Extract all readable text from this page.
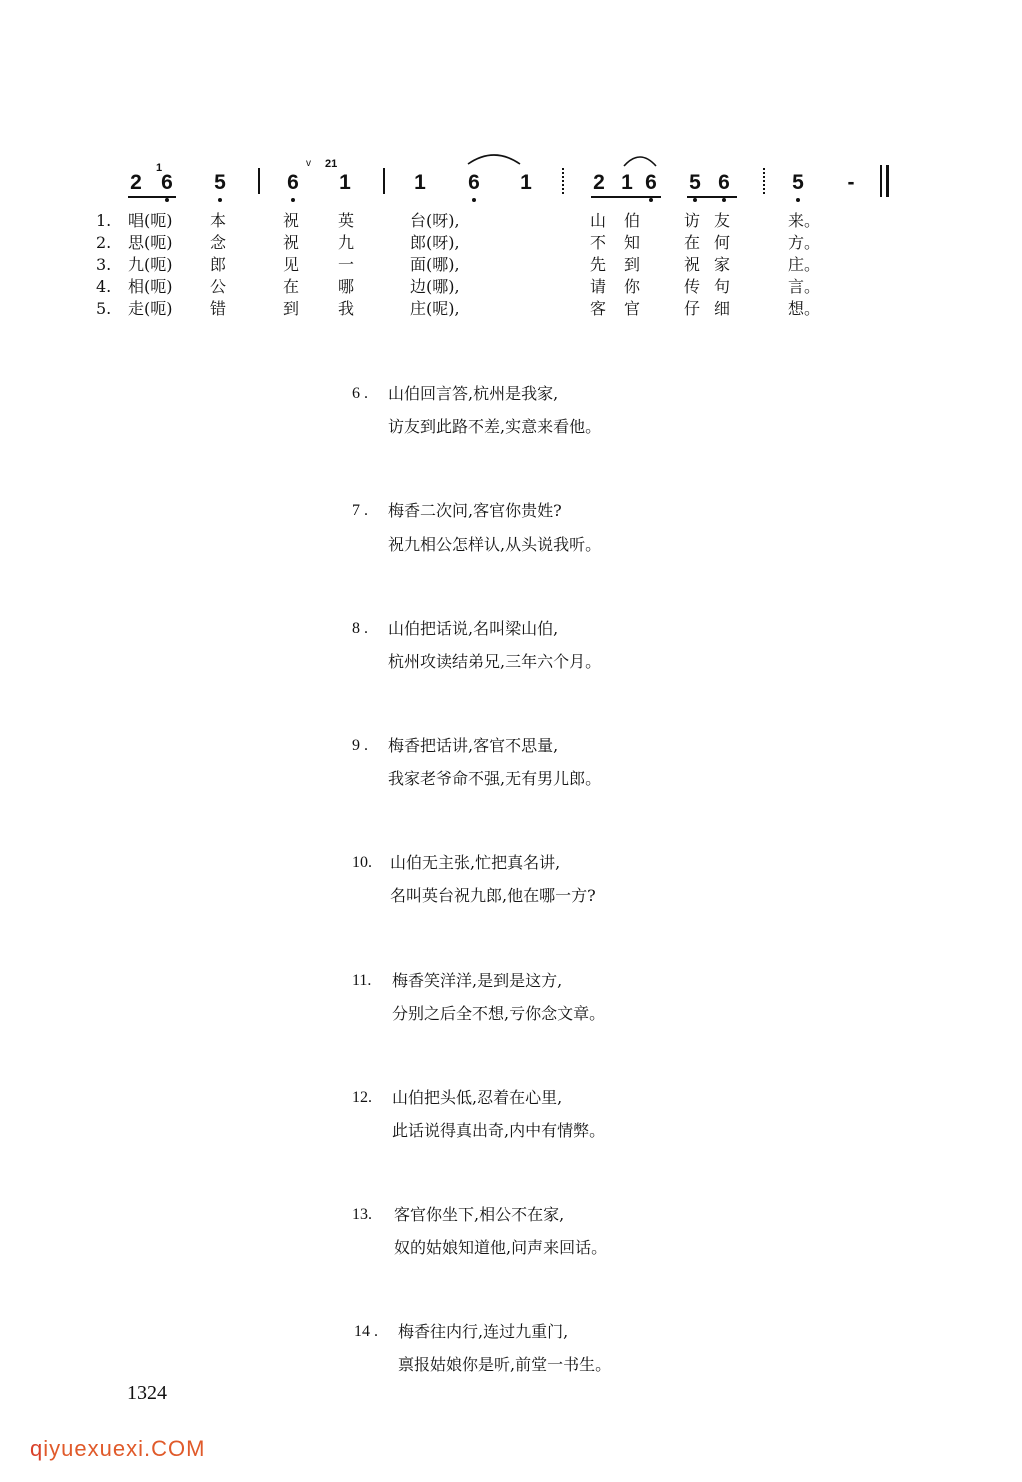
2
1
6 5	6
v 21
1	1 6 1	2 1 6 5 6	5	-
1. 唱(呃) 本	祝 英	台(呀),	山 伯	访 友	来。
2. 思(呃) 念	祝 九	郎(呀),	不 知	在 何	方。
3. 九(呃) 郎	见 一	面(哪),	先 到	祝 家	庄。
4. 相(呃) 公	在 哪	边(哪),	请 你	传 句	言。
5. 走(呃) 错	到 我	庄(呢),	客 官	仔 细	想。
6 . 山伯回言答,杭州是我家,
访友到此路不差,实意来看他。
7 . 梅香二次问,客官你贵姓?
祝九相公怎样认,从头说我听。
8 . 山伯把话说,名叫梁山伯,
杭州攻读结弟兄,三年六个月。
9 . 梅香把话讲,客官不思量,
我家老爷命不强,无有男儿郎。
10. 山伯无主张,忙把真名讲,
名叫英台祝九郎,他在哪一方?
11. 梅香笑洋洋,是到是这方,
分别之后全不想,亏你念文章。
12. 山伯把头低,忍着在心里,
此话说得真出奇,内中有情弊。
13. 客官你坐下,相公不在家,
奴的姑娘知道他,问声来回话。
14 . 梅香往内行,连过九重门,
禀报姑娘你是听,前堂一书生。
1324
qiyuexuexi.COM
